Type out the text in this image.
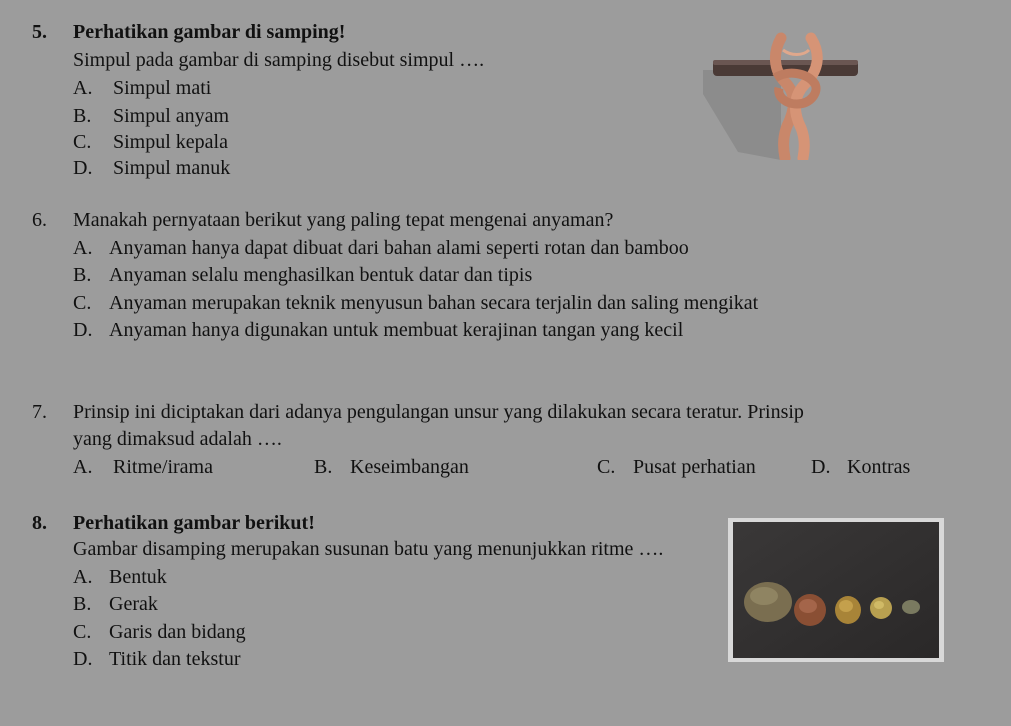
5. Perhatikan gambar di samping!
Simpul pada gambar di samping disebut simpul ….
A. Simpul mati
B. Simpul anyam
C. Simpul kepala
D. Simpul manuk
6. Manakah pernyataan berikut yang paling tepat mengenai anyaman?
A. Anyaman hanya dapat dibuat dari bahan alami seperti rotan dan bamboo
B. Anyaman selalu menghasilkan bentuk datar dan tipis
C. Anyaman merupakan teknik menyusun bahan secara terjalin dan saling mengikat
D. Anyaman hanya digunakan untuk membuat kerajinan tangan yang kecil
7. Prinsip ini diciptakan dari adanya pengulangan unsur yang dilakukan secara teratur. Prinsip
yang dimaksud adalah ….
A. Ritme/irama	B. Keseimbangan	C. Pusat perhatian	D. Kontras
8. Perhatikan gambar berikut!
Gambar disamping merupakan susunan batu yang menunjukkan ritme ….
A. Bentuk
B. Gerak
C. Garis dan bidang
D. Titik dan tekstur
